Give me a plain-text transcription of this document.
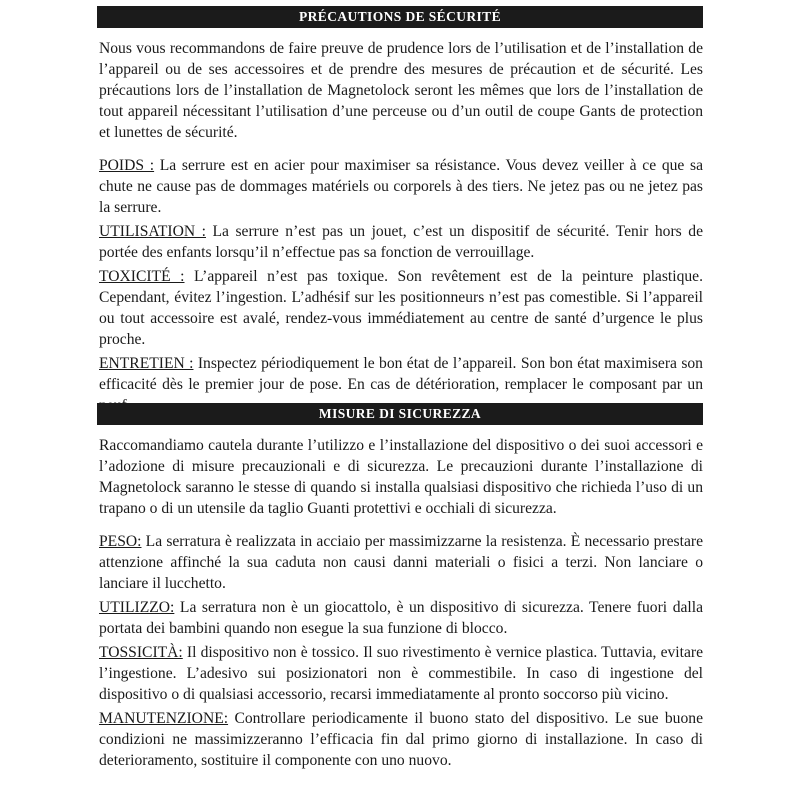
PRÉCAUTIONS DE SÉCURITÉ
Nous vous recommandons de faire preuve de prudence lors de l’utilisation et de l’installation de l’appareil ou de ses accessoires et de prendre des mesures de précaution et de sécurité. Les précautions lors de l’installation de Magnetolock seront les mêmes que lors de l’installation de tout appareil nécessitant l’utilisation d’une perceuse ou d’un outil de coupe Gants de protection et lunettes de sécurité.
POIDS : La serrure est en acier pour maximiser sa résistance. Vous devez veiller à ce que sa chute ne cause pas de dommages matériels ou corporels à des tiers. Ne jetez pas ou ne jetez pas la serrure.
UTILISATION : La serrure n’est pas un jouet, c’est un dispositif de sécurité. Tenir hors de portée des enfants lorsqu’il n’effectue pas sa fonction de verrouillage.
TOXICITÉ : L’appareil n’est pas toxique. Son revêtement est de la peinture plastique. Cependant, évitez l’ingestion. L’adhésif sur les positionneurs n’est pas comestible. Si l’appareil ou tout accessoire est avalé, rendez-vous immédiatement au centre de santé d’urgence le plus proche.
ENTRETIEN : Inspectez périodiquement le bon état de l’appareil. Son bon état maximisera son efficacité dès le premier jour de pose. En cas de détérioration, remplacer le composant par un
MISURE DI SICUREZZA
Raccomandiamo cautela durante l’utilizzo e l’installazione del dispositivo o dei suoi accessori e l’adozione di misure precauzionali e di sicurezza. Le precauzioni durante l’installazione di Magnetolock saranno le stesse di quando si installa qualsiasi dispositivo che richieda l’uso di un trapano o di un utensile da taglio Guanti protettivi e occhiali di sicurezza.
PESO: La serratura è realizzata in acciaio per massimizzarne la resistenza. È necessario prestare attenzione affinché la sua caduta non causi danni materiali o fisici a terzi. Non lanciare o lanciare il lucchetto.
UTILIZZO: La serratura non è un giocattolo, è un dispositivo di sicurezza. Tenere fuori dalla portata dei bambini quando non esegue la sua funzione di blocco.
TOSSICITÀ: Il dispositivo non è tossico. Il suo rivestimento è vernice plastica. Tuttavia, evitare l’ingestione. L’adesivo sui posizionatori non è commestibile. In caso di ingestione del dispositivo o di qualsiasi accessorio, recarsi immediatamente al pronto soccorso più vicino.
MANUTENZIONE: Controllare periodicamente il buono stato del dispositivo. Le sue buone condizioni ne massimizzeranno l’efficacia fin dal primo giorno di installazione. In caso di deterioramento, sostituire il componente con uno nuovo.
